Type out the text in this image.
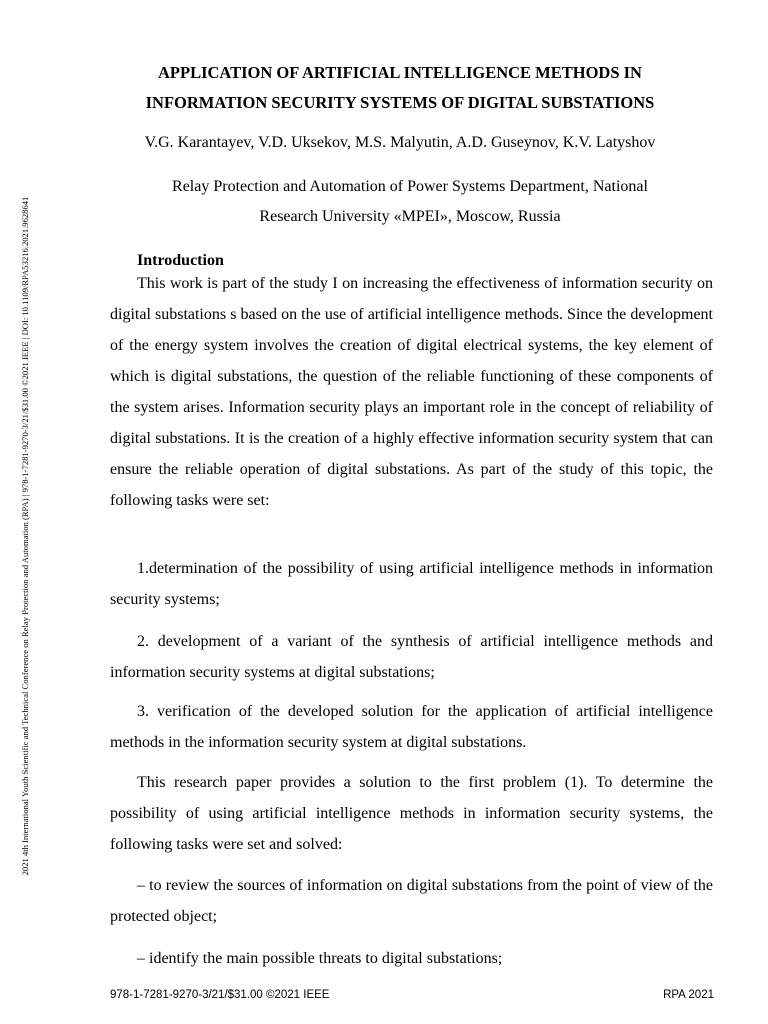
2021 4th International Youth Scientific and Technical Conference on Relay Protection and Automation (RPA) | 978-1-7281-9270-3/21/$31.00 ©2021 IEEE | DOI: 10.1109/RPA53216.2021.9628641
APPLICATION OF ARTIFICIAL INTELLIGENCE METHODS IN
INFORMATION SECURITY SYSTEMS OF DIGITAL SUBSTATIONS
V.G. Karantayev, V.D. Uksekov, M.S. Malyutin, A.D. Guseynov, K.V. Latyshov
Relay Protection and Automation of Power Systems Department, National
Research University «MPEI», Moscow, Russia
Introduction
This work is part of the study I on increasing the effectiveness of information security on digital substations s based on the use of artificial intelligence methods. Since the development of the energy system involves the creation of digital electrical systems, the key element of which is digital substations, the question of the reliable functioning of these components of the system arises. Information security plays an important role in the concept of reliability of digital substations. It is the creation of a highly effective information security system that can ensure the reliable operation of digital substations. As part of the study of this topic, the following tasks were set:
1.determination of the possibility of using artificial intelligence methods in information security systems;
2. development of a variant of the synthesis of artificial intelligence methods and information security systems at digital substations;
3. verification of the developed solution for the application of artificial intelligence methods in the information security system at digital substations.
This research paper provides a solution to the first problem (1). To determine the possibility of using artificial intelligence methods in information security systems, the following tasks were set and solved:
– to review the sources of information on digital substations from the point of view of the protected object;
– identify the main possible threats to digital substations;
978-1-7281-9270-3/21/$31.00 ©2021 IEEE	RPA 2021
